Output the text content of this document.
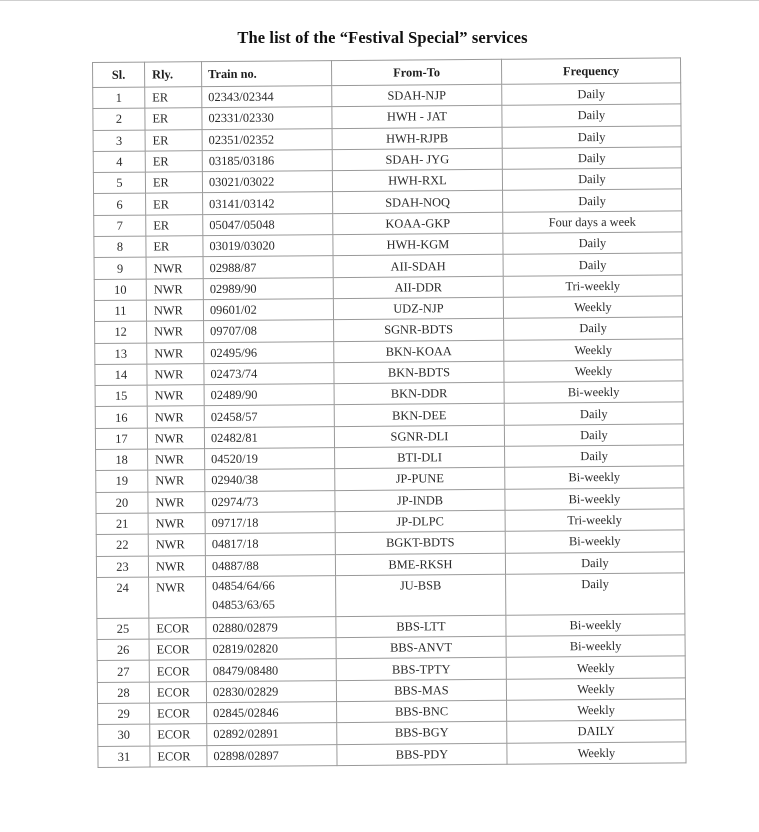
The list of the “Festival Special” services
Sl.	Rly.	Train no.	From-To	Frequency
1	ER	02343/02344	SDAH-NJP	Daily
2	ER	02331/02330	HWH - JAT	Daily
3	ER	02351/02352	HWH-RJPB	Daily
4	ER	03185/03186	SDAH- JYG	Daily
5	ER	03021/03022	HWH-RXL	Daily
6	ER	03141/03142	SDAH-NOQ	Daily
7	ER	05047/05048	KOAA-GKP	Four days a week
8	ER	03019/03020	HWH-KGM	Daily
9	NWR	02988/87	AII-SDAH	Daily
10	NWR	02989/90	AII-DDR	Tri-weekly
11	NWR	09601/02	UDZ-NJP	Weekly
12	NWR	09707/08	SGNR-BDTS	Daily
13	NWR	02495/96	BKN-KOAA	Weekly
14	NWR	02473/74	BKN-BDTS	Weekly
15	NWR	02489/90	BKN-DDR	Bi-weekly
16	NWR	02458/57	BKN-DEE	Daily
17	NWR	02482/81	SGNR-DLI	Daily
18	NWR	04520/19	BTI-DLI	Daily
19	NWR	02940/38	JP-PUNE	Bi-weekly
20	NWR	02974/73	JP-INDB	Bi-weekly
21	NWR	09717/18	JP-DLPC	Tri-weekly
22	NWR	04817/18	BGKT-BDTS	Bi-weekly
23	NWR	04887/88	BME-RKSH	Daily
24	NWR	04854/64/66
04853/63/65	JU-BSB	Daily
25	ECOR	02880/02879	BBS-LTT	Bi-weekly
26	ECOR	02819/02820	BBS-ANVT	Bi-weekly
27	ECOR	08479/08480	BBS-TPTY	Weekly
28	ECOR	02830/02829	BBS-MAS	Weekly
29	ECOR	02845/02846	BBS-BNC	Weekly
30	ECOR	02892/02891	BBS-BGY	DAILY
31	ECOR	02898/02897	BBS-PDY	Weekly
